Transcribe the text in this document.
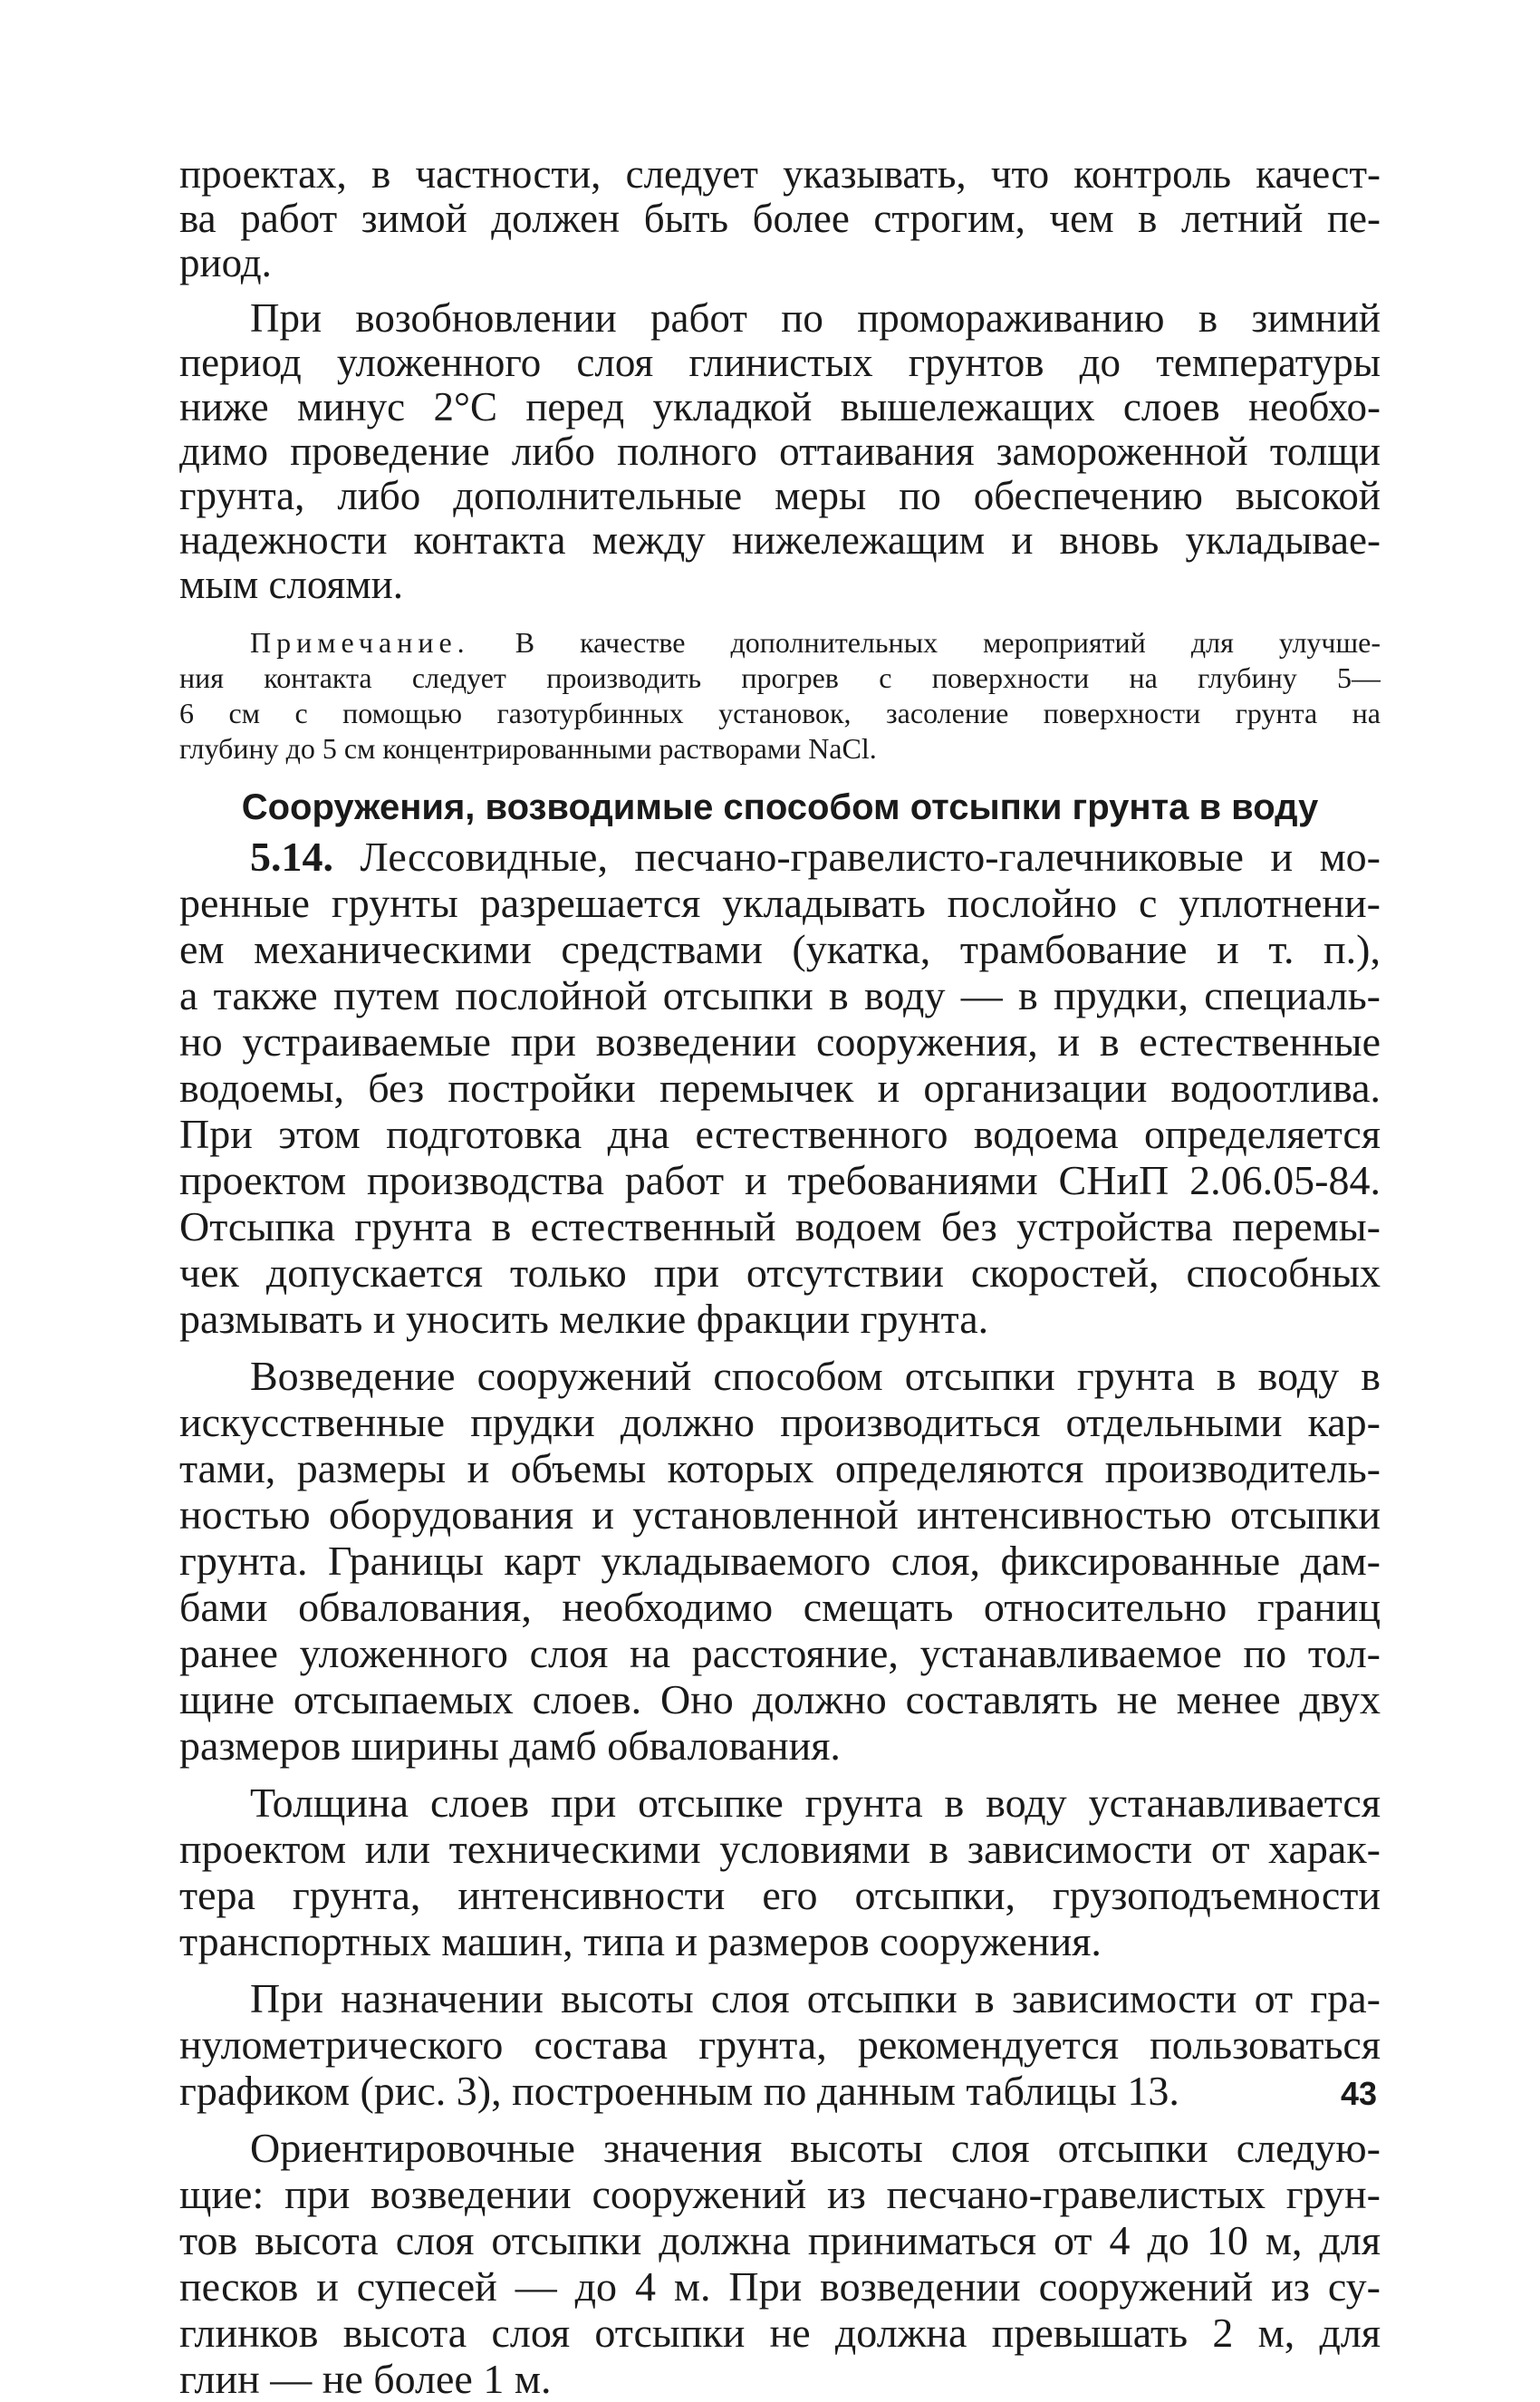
проектах, в частности, следует указывать, что контроль качест-
ва работ зимой должен быть более строгим, чем в летний пе-
риод.
При возобновлении работ по промораживанию в зимний
период уложенного слоя глинистых грунтов до температуры
ниже минус 2°С перед укладкой вышележащих слоев необхо-
димо проведение либо полного оттаивания замороженной толщи
грунта, либо дополнительные меры по обеспечению высокой
надежности контакта между нижележащим и вновь укладывае-
мым слоями.
Примечание. В качестве дополнительных мероприятий для улучше-
ния контакта следует производить прогрев с поверхности на глубину 5—
6 см с помощью газотурбинных установок, засоление поверхности грунта на
глубину до 5 см концентрированными растворами NaCl.
Сооружения, возводимые способом отсыпки грунта в воду
5.14. Лессовидные, песчано-гравелисто-галечниковые и мо-
ренные грунты разрешается укладывать послойно с уплотнени-
ем механическими средствами (укатка, трамбование и т. п.),
а также путем послойной отсыпки в воду — в прудки, специаль-
но устраиваемые при возведении сооружения, и в естественные
водоемы, без постройки перемычек и организации водоотлива.
При этом подготовка дна естественного водоема определяется
проектом производства работ и требованиями СНиП 2.06.05-84.
Отсыпка грунта в естественный водоем без устройства перемы-
чек допускается только при отсутствии скоростей, способных
размывать и уносить мелкие фракции грунта.
Возведение сооружений способом отсыпки грунта в воду в
искусственные прудки должно производиться отдельными кар-
тами, размеры и объемы которых определяются производитель-
ностью оборудования и установленной интенсивностью отсыпки
грунта. Границы карт укладываемого слоя, фиксированные дам-
бами обвалования, необходимо смещать относительно границ
ранее уложенного слоя на расстояние, устанавливаемое по тол-
щине отсыпаемых слоев. Оно должно составлять не менее двух
размеров ширины дамб обвалования.
Толщина слоев при отсыпке грунта в воду устанавливается
проектом или техническими условиями в зависимости от харак-
тера грунта, интенсивности его отсыпки, грузоподъемности
транспортных машин, типа и размеров сооружения.
При назначении высоты слоя отсыпки в зависимости от гра-
нулометрического состава грунта, рекомендуется пользоваться
графиком (рис. 3), построенным по данным таблицы 13.
Ориентировочные значения высоты слоя отсыпки следую-
щие: при возведении сооружений из песчано-гравелистых грун-
тов высота слоя отсыпки должна приниматься от 4 до 10 м, для
песков и супесей — до 4 м. При возведении сооружений из су-
глинков высота слоя отсыпки не должна превышать 2 м, для
глин — не более 1 м.
43
